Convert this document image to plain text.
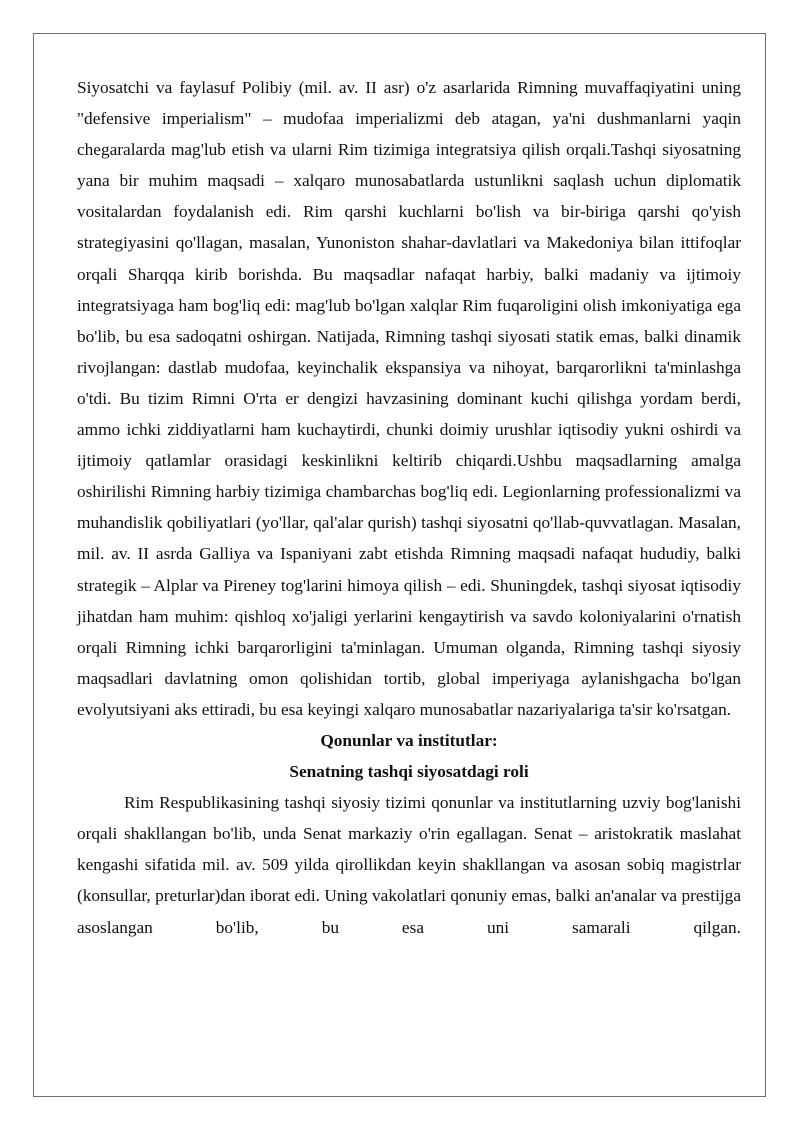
Siyosatchi va faylasuf Polibiy (mil. av. II asr) o'z asarlarida Rimning muvaffaqiyatini uning "defensive imperialism" – mudofaa imperializmi deb atagan, ya'ni dushmanlarni yaqin chegaralarda mag'lub etish va ularni Rim tizimiga integratsiya qilish orqali.Tashqi siyosatning yana bir muhim maqsadi – xalqaro munosabatlarda ustunlikni saqlash uchun diplomatik vositalardan foydalanish edi. Rim qarshi kuchlarni bo'lish va bir-biriga qarshi qo'yish strategiyasini qo'llagan, masalan, Yunoniston shahar-davlatlari va Makedoniya bilan ittifoqlar orqali Sharqqa kirib borishda. Bu maqsadlar nafaqat harbiy, balki madaniy va ijtimoiy integratsiyaga ham bog'liq edi: mag'lub bo'lgan xalqlar Rim fuqaroligini olish imkoniyatiga ega bo'lib, bu esa sadoqatni oshirgan. Natijada, Rimning tashqi siyosati statik emas, balki dinamik rivojlangan: dastlab mudofaa, keyinchalik ekspansiya va nihoyat, barqarorlikni ta'minlashga o'tdi. Bu tizim Rimni O'rta er dengizi havzasining dominant kuchi qilishga yordam berdi, ammo ichki ziddiyatlarni ham kuchaytirdi, chunki doimiy urushlar iqtisodiy yukni oshirdi va ijtimoiy qatlamlar orasidagi keskinlikni keltirib chiqardi.Ushbu maqsadlarning amalga oshirilishi Rimning harbiy tizimiga chambarchas bog'liq edi. Legionlarning professionalizmi va muhandislik qobiliyatlari (yo'llar, qal'alar qurish) tashqi siyosatni qo'llab-quvvatlagan. Masalan, mil. av. II asrda Galliya va Ispaniyani zabt etishda Rimning maqsadi nafaqat hududiy, balki strategik – Alplar va Pireney tog'larini himoya qilish – edi. Shuningdek, tashqi siyosat iqtisodiy jihatdan ham muhim: qishloq xo'jaligi yerlarini kengaytirish va savdo koloniyalarini o'rnatish orqali Rimning ichki barqarorligini ta'minlagan. Umuman olganda, Rimning tashqi siyosiy maqsadlari davlatning omon qolishidan tortib, global imperiyaga aylanishgacha bo'lgan evolyutsiyani aks ettiradi, bu esa keyingi xalqaro munosabatlar nazariyalariga ta'sir ko'rsatgan.

Qonunlar va institutlar:
Senatning tashqi siyosatdagi roli

Rim Respublikasining tashqi siyosiy tizimi qonunlar va institutlarning uzviy bog'lanishi orqali shakllangan bo'lib, unda Senat markaziy o'rin egallagan. Senat – aristokratik maslahat kengashi sifatida mil. av. 509 yilda qirollikdan keyin shakllangan va asosan sobiq magistrlar (konsullar, preturlar)dan iborat edi. Uning vakolatlari qonuniy emas, balki an'analar va prestijga asoslangan bo'lib, bu esa uni samarali qilgan.
